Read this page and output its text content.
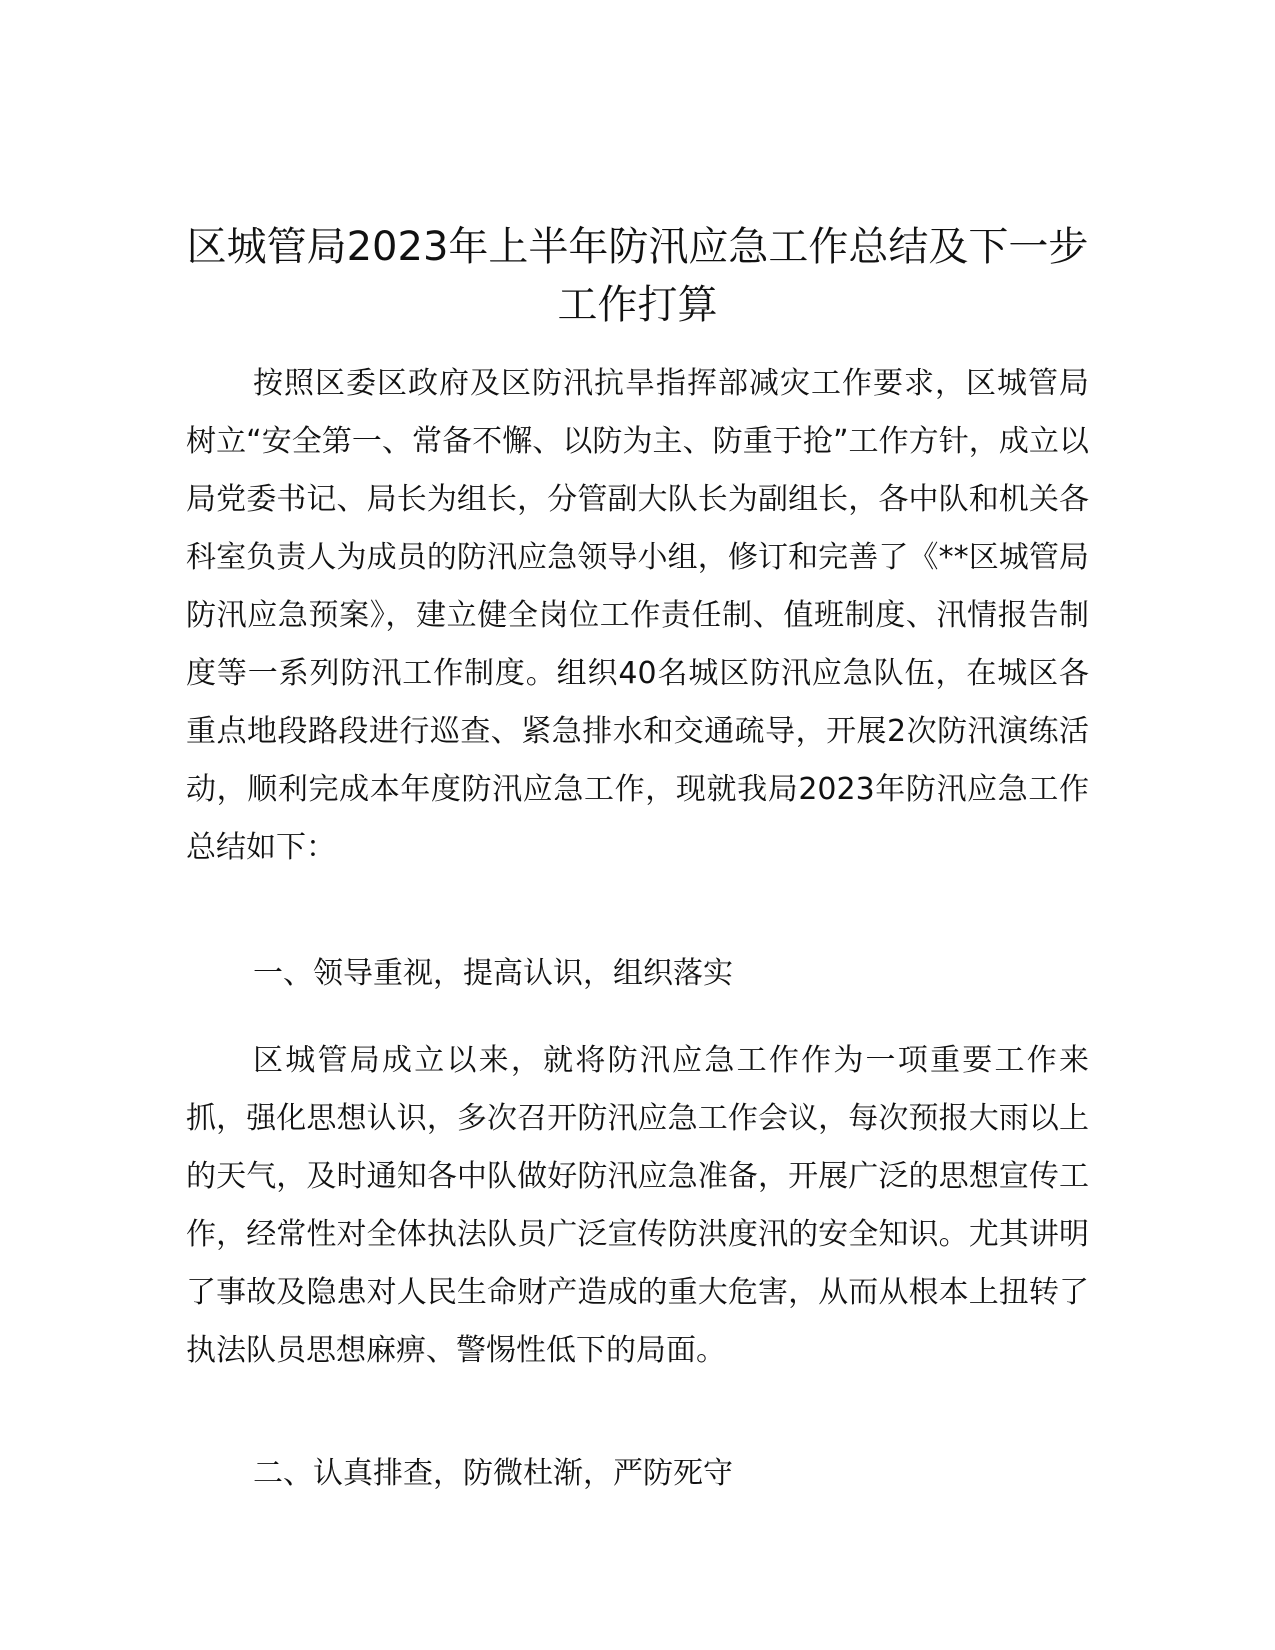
区城管局2023年上半年防汛应急工作总结及下一步工作打算

按照区委区政府及区防汛抗旱指挥部减灾工作要求，区城管局树立“安全第一、常备不懈、以防为主、防重于抢”工作方针，成立以局党委书记、局长为组长，分管副大队长为副组长，各中队和机关各科室负责人为成员的防汛应急领导小组，修订和完善了《**区城管局防汛应急预案》，建立健全岗位工作责任制、值班制度、汛情报告制度等一系列防汛工作制度。组织40名城区防汛应急队伍，在城区各重点地段路段进行巡查、紧急排水和交通疏导，开展2次防汛演练活动，顺利完成本年度防汛应急工作，现就我局2023年防汛应急工作总结如下：

一、领导重视，提高认识，组织落实

区城管局成立以来，就将防汛应急工作作为一项重要工作来抓，强化思想认识，多次召开防汛应急工作会议，每次预报大雨以上的天气，及时通知各中队做好防汛应急准备，开展广泛的思想宣传工作，经常性对全体执法队员广泛宣传防洪度汛的安全知识。尤其讲明了事故及隐患对人民生命财产造成的重大危害，从而从根本上扭转了执法队员思想麻痹、警惕性低下的局面。

二、认真排查，防微杜渐，严防死守
